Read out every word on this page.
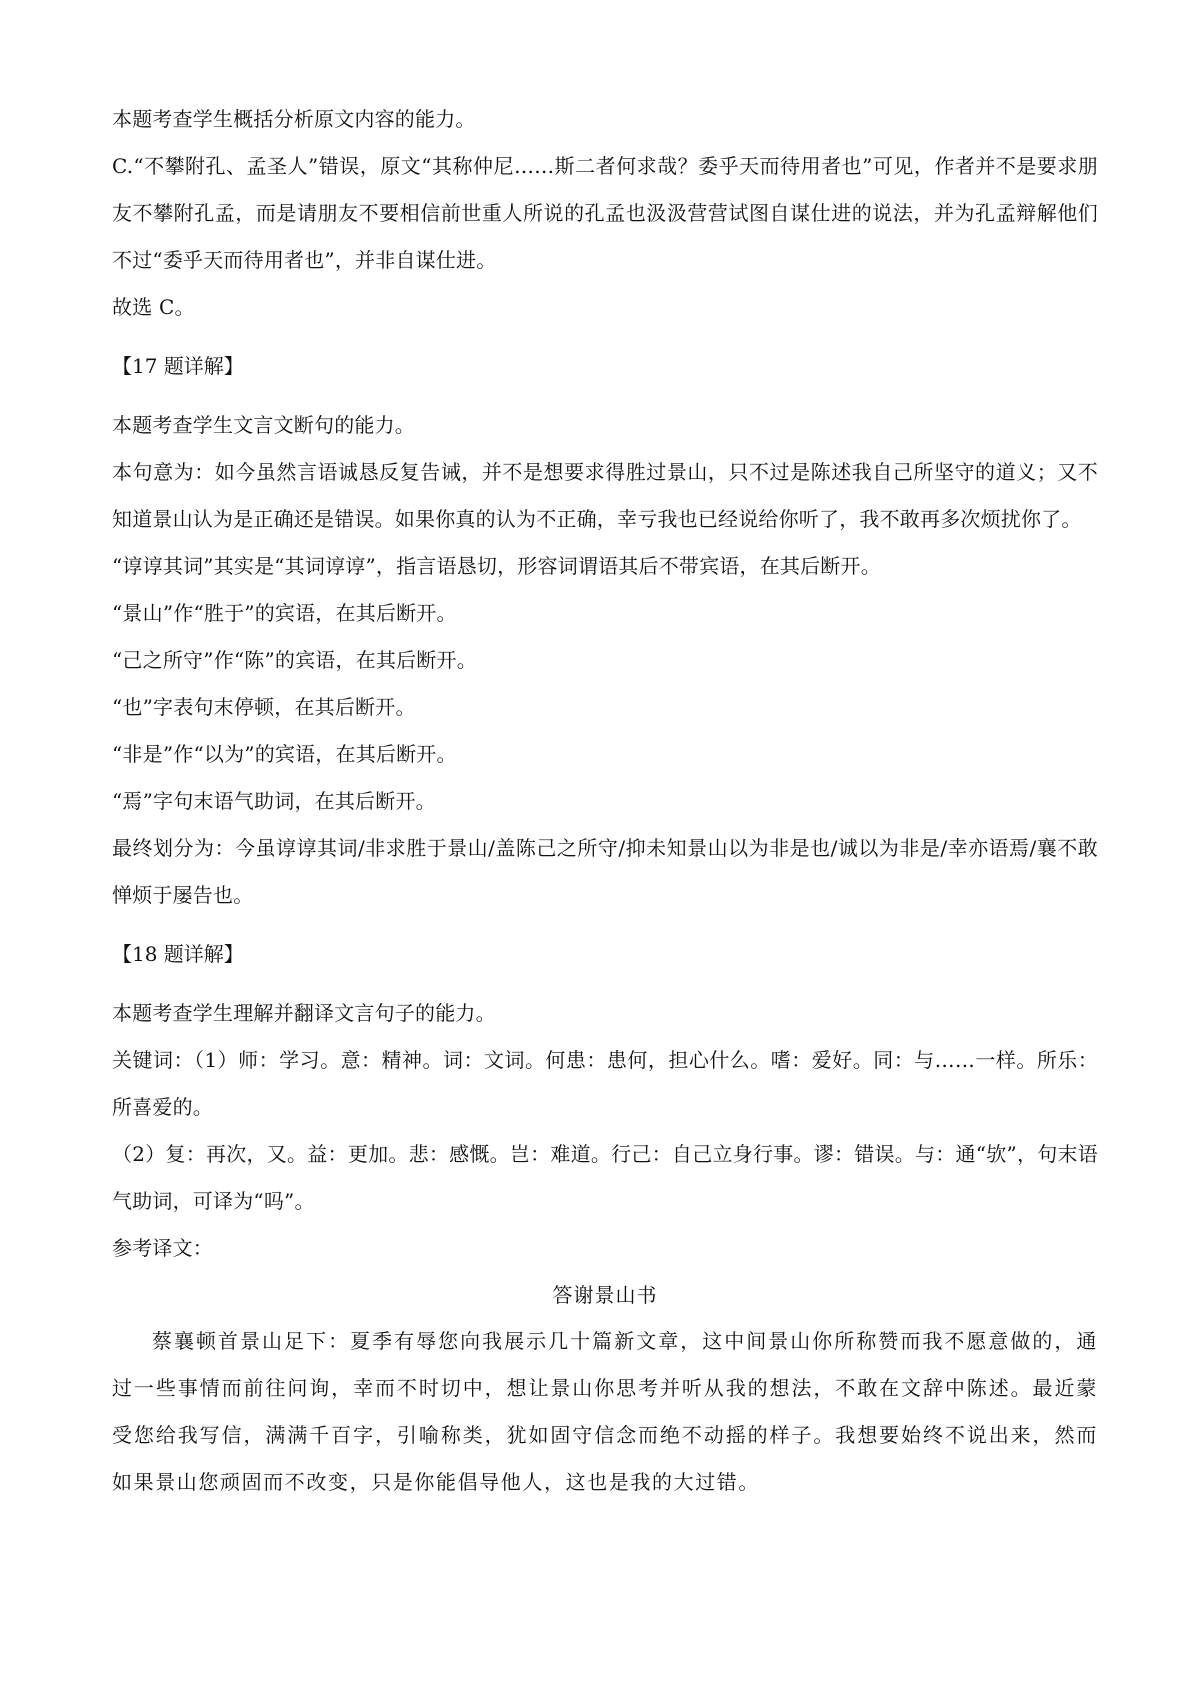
本题考查学生概括分析原文内容的能力。

C.“不攀附孔、孟圣人”错误，原文“其称仲尼……斯二者何求哉？委乎天而待用者也”可见，作者并不是要求朋友不攀附孔孟，而是请朋友不要相信前世重人所说的孔孟也汲汲营营试图自谋仕进的说法，并为孔孟辩解他们不过“委乎天而待用者也”，并非自谋仕进。

故选 C。

【17 题详解】

本题考查学生文言文断句的能力。

本句意为：如今虽然言语诚恳反复告诫，并不是想要求得胜过景山，只不过是陈述我自己所坚守的道义；又不知道景山认为是正确还是错误。如果你真的认为不正确，幸亏我也已经说给你听了，我不敢再多次烦扰你了。

“谆谆其词”其实是“其词谆谆”，指言语恳切，形容词谓语其后不带宾语，在其后断开。

“景山”作“胜于”的宾语，在其后断开。

“己之所守”作“陈”的宾语，在其后断开。

“也”字表句末停顿，在其后断开。

“非是”作“以为”的宾语，在其后断开。

“焉”字句末语气助词，在其后断开。

最终划分为：今虽谆谆其词/非求胜于景山/盖陈己之所守/抑未知景山以为非是也/诚以为非是/幸亦语焉/襄不敢惮烦于屡告也。

【18 题详解】

本题考查学生理解并翻译文言句子的能力。

关键词：（1）师：学习。意：精神。词：文词。何患：患何，担心什么。嗜：爱好。同：与……一样。所乐：所喜爱的。

（2）复：再次，又。益：更加。悲：感慨。岂：难道。行己：自己立身行事。谬：错误。与：通“欤”，句末语气助词，可译为“吗”。

参考译文：

答谢景山书

蔡襄顿首景山足下：夏季有辱您向我展示几十篇新文章，这中间景山你所称赞而我不愿意做的，通过一些事情而前往问询，幸而不时切中，想让景山你思考并听从我的想法，不敢在文辞中陈述。最近蒙受您给我写信，满满千百字，引喻称类，犹如固守信念而绝不动摇的样子。我想要始终不说出来，然而如果景山您顽固而不改变，只是你能倡导他人，这也是我的大过错。
